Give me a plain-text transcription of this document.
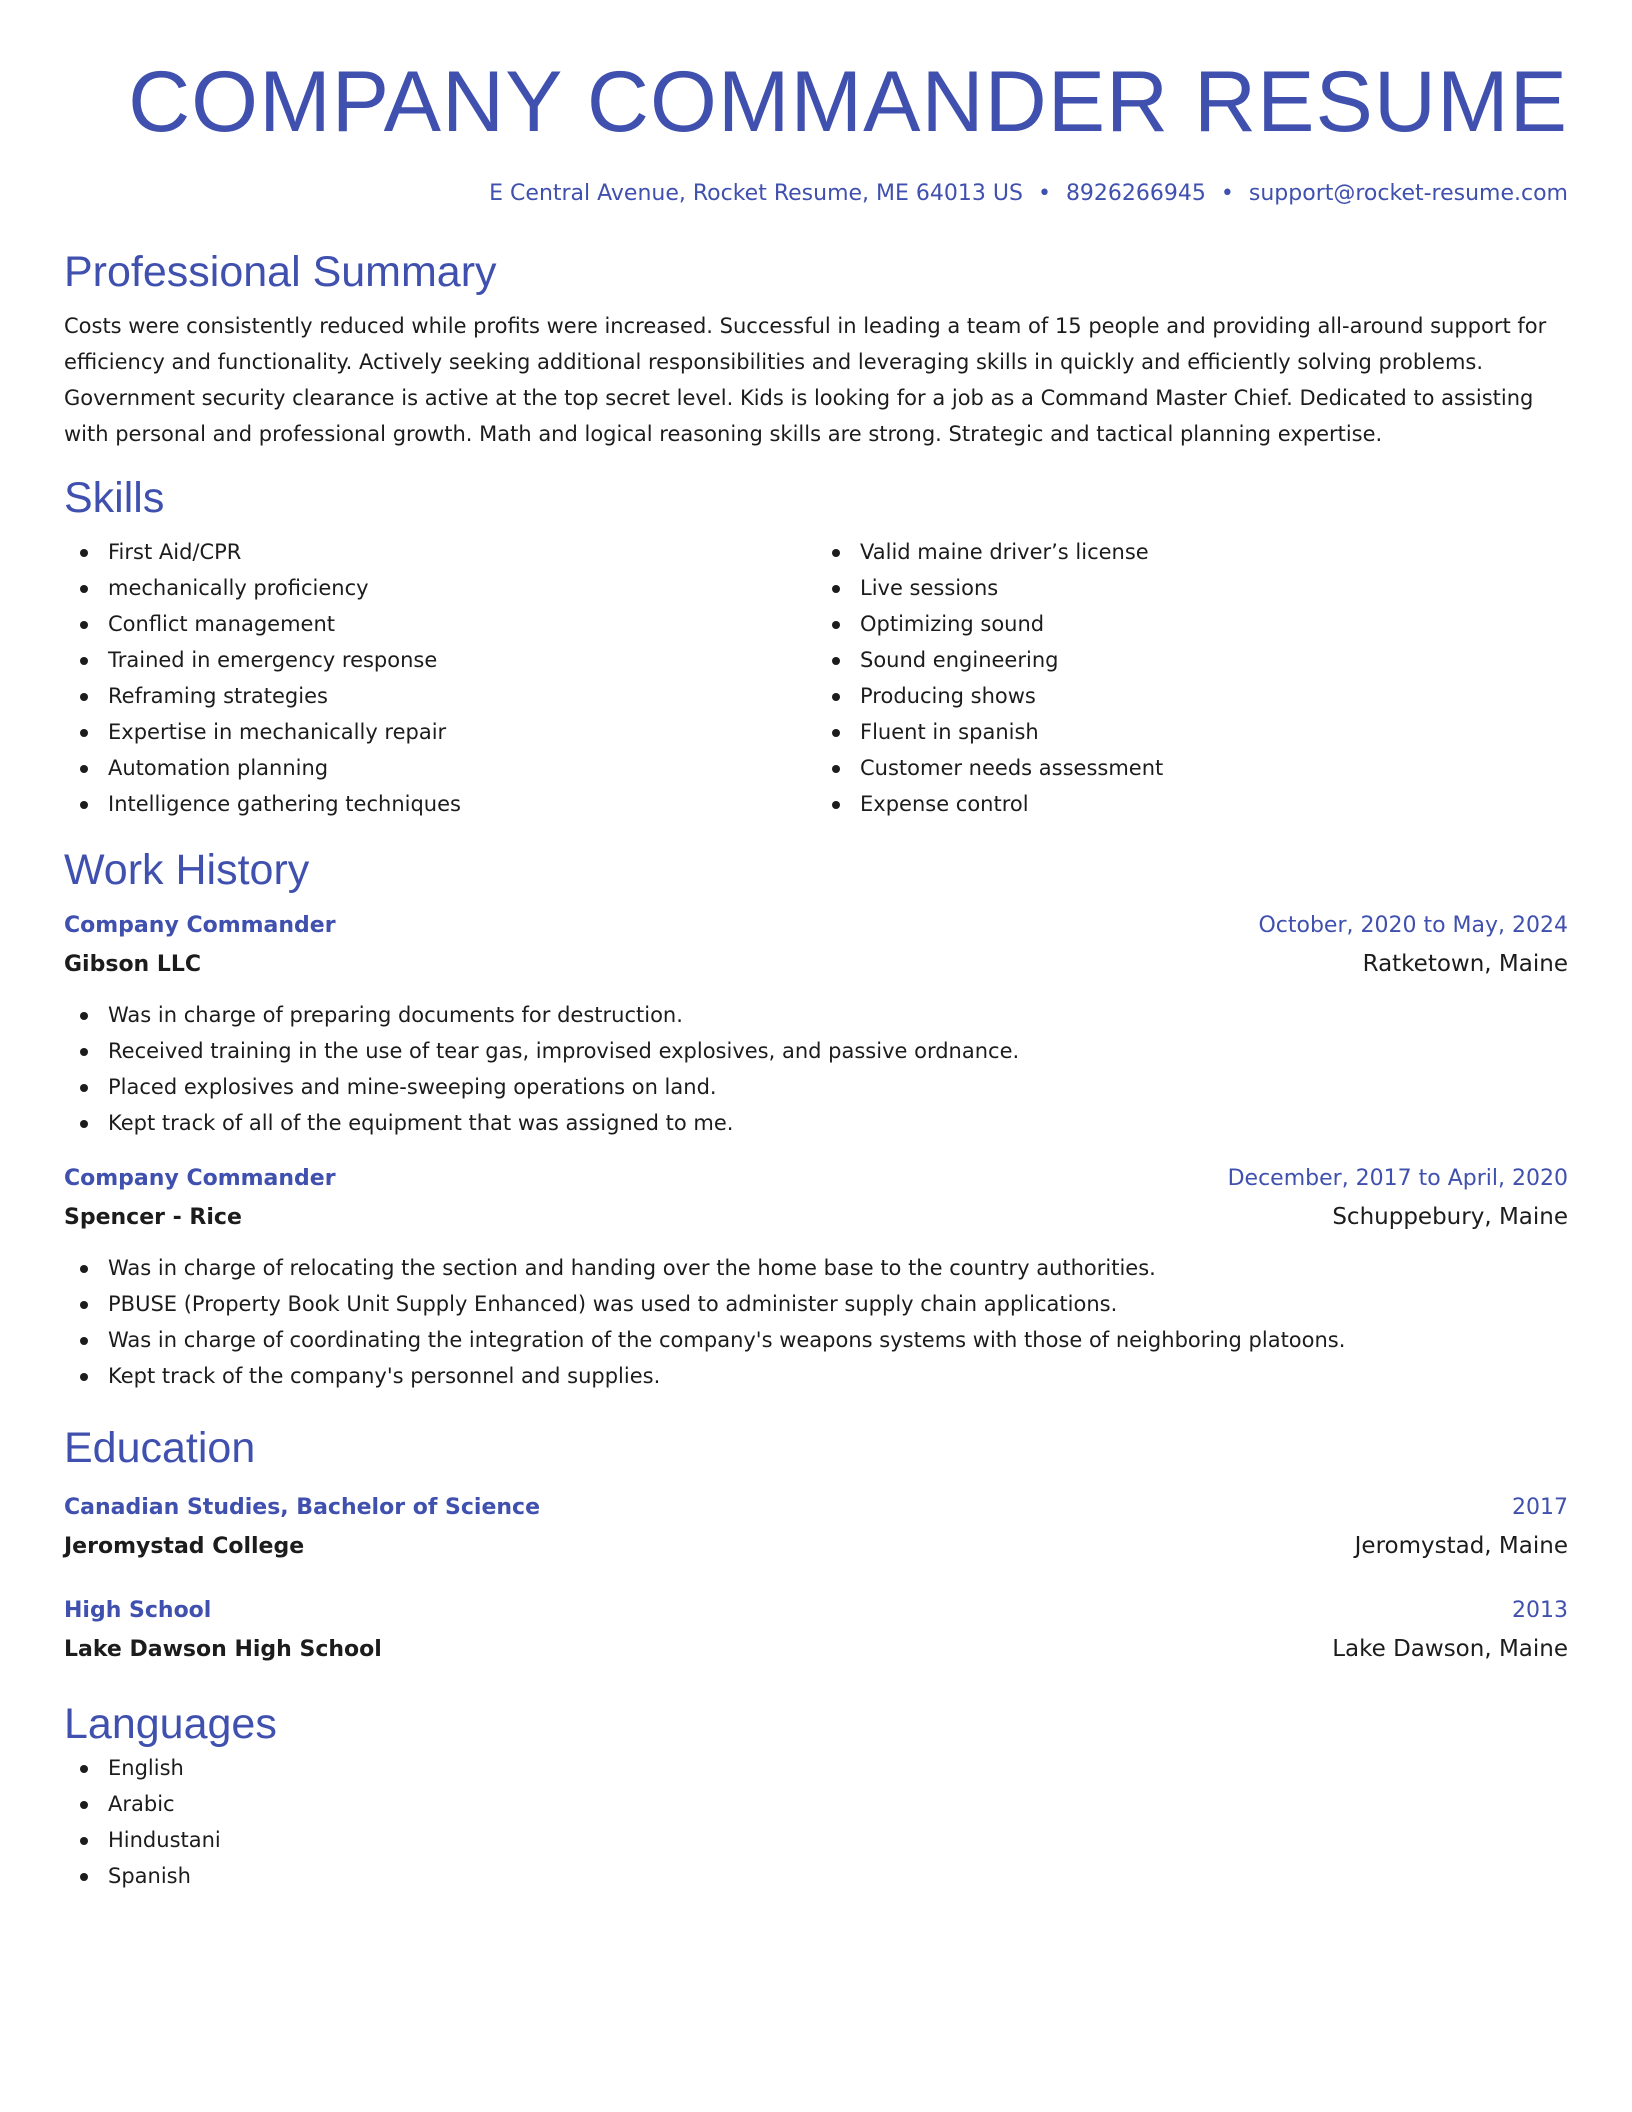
COMPANY COMMANDER RESUME
E Central Avenue, Rocket Resume, ME 64013 US • 8926266945 • support@rocket-resume.com
Professional Summary

Costs were consistently reduced while profits were increased. Successful in leading a team of 15 people and providing all-around support for efficiency and functionality. Actively seeking additional responsibilities and leveraging skills in quickly and efficiently solving problems. Government security clearance is active at the top secret level. Kids is looking for a job as a Command Master Chief. Dedicated to assisting with personal and professional growth. Math and logical reasoning skills are strong. Strategic and tactical planning expertise.

Skills
First Aid/CPR
mechanically proficiency
Conflict management
Trained in emergency response
Reframing strategies
Expertise in mechanically repair
Automation planning
Intelligence gathering techniques
Valid maine driver’s license
Live sessions
Optimizing sound
Sound engineering
Producing shows
Fluent in spanish
Customer needs assessment
Expense control
Work History
Company Commander	October, 2020 to May, 2024
Gibson LLC	Ratketown, Maine
Was in charge of preparing documents for destruction.
Received training in the use of tear gas, improvised explosives, and passive ordnance.
Placed explosives and mine-sweeping operations on land.
Kept track of all of the equipment that was assigned to me.
Company Commander	December, 2017 to April, 2020
Spencer - Rice	Schuppebury, Maine
Was in charge of relocating the section and handing over the home base to the country authorities.
PBUSE (Property Book Unit Supply Enhanced) was used to administer supply chain applications.
Was in charge of coordinating the integration of the company's weapons systems with those of neighboring platoons.
Kept track of the company's personnel and supplies.
Education
Canadian Studies, Bachelor of Science	2017
Jeromystad College	Jeromystad, Maine
High School	2013
Lake Dawson High School	Lake Dawson, Maine
Languages
English
Arabic
Hindustani
Spanish
